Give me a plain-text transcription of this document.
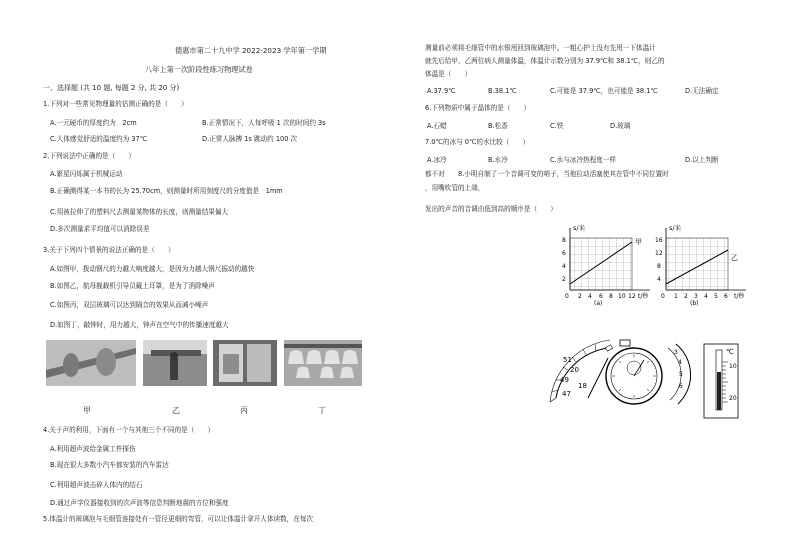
德惠市第二十九中学 2022-2023 学年第一学期
八年上第一次阶段性练习物理试卷
一、选择题 (共 10 题, 每题 2 分, 共 20 分)
1.下列对一些常见物理量的估测正确的是（　　）
A.一元硬币的厚度约为　2cm	B.正常情况下，人每呼吸 1 次的时间约 3s
C.人体感觉舒适的温度约为 37℃	D.正常人脉搏 1s 跳动约 100 次
2.下列说法中正确的是（　　）
A.繁星闪烁属于机械运动
B.正确测得某一本书的长为 25.70cm，则测量时所用刻度尺的分度值是　1mm
C.用被拉伸了的塑料尺去测量某物体的长度，则测量结果偏大
D.多次测量求平均值可以消除误差
3.关于下列四个情景的说法正确的是（　　）
A.如图甲，拨动钢尺的力越大响度越大，是因为力越大钢尺振动的越快
B.如图乙，航母舰载机引导员戴上耳罩，是为了消除噪声
C.如图丙，双层玻璃可以达到隔音的效果从而减小噪声
D.如图丁，敲钟时，用力越大，钟声在空气中的传播速度越大
甲	乙	丙	丁
4.关于声的利用，下面有一个与其他三个不同的是（　　）
A.利用超声波给金属工件探伤
B.现在很大多数小汽车都安装的汽车雷达
C.利用超声波击碎人体内的结石
D.通过声学仪器接收到的次声波等信息判断地震的方位和强度
5.体温计的玻璃泡与毛细管连接处有一管径更细的弯管，可以让体温计拿开人体读数，在每次
测量前必须将毛细管中的水银甩回到玻璃泡中。一粗心护士没有先甩一下体温计
就先后给甲、乙两位病人测量体温，体温计示数分别为 37.9℃和 38.1℃，则乙的
体温是（　　）
A.37.9℃	B.38.1℃	C.可能是 37.9℃，也可能是 38.1℃	D.无法确定
6.下列物质中属于晶体的是（　　）
A.石蜡	B.松香	C.铁	D.玻璃
7.0℃的冰与 0℃的水比较（　　）
A.冰冷	B.水冷	C.水与冰冷热程度一样	D.以上判断
都不对 8.小明自制了一个音调可变的哨子，当他拉动活塞使其在管中不同位置时
，用嘴吹管的上端，
发出的声音的音调由低到高的顺序是（　　）
s/米
甲
8
6
4
2
0 2 4 6 8 10 12 t/秒
(a)
s/米
乙
16
12
8
4
0 1 2 3 4 5 6 t/秒
(b)
51
20
49
18
47
3
4
5
6
℃
10
20
